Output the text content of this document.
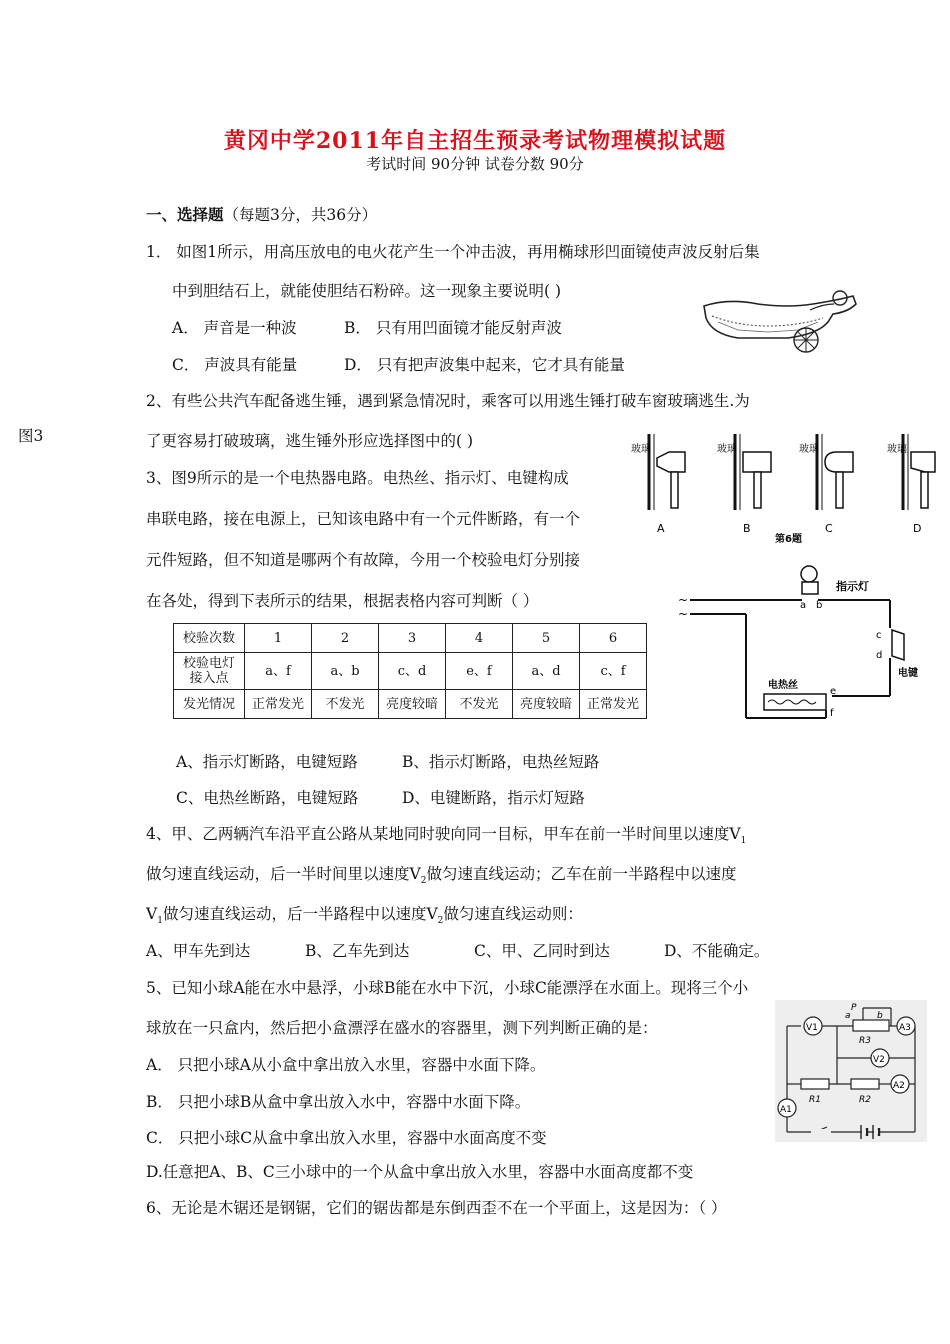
黄冈中学2011年自主招生预录考试物理模拟试题
考试时间 90分钟 试卷分数 90分
一、选择题（每题3分，共36分）
图3
1． 如图1所示，用高压放电的电火花产生一个冲击波，再用椭球形凹面镜使声波反射后集
中到胆结石上，就能使胆结石粉碎。这一现象主要说明( )
A． 声音是一种波	B． 只有用凹面镜才能反射声波
C． 声波具有能量	D． 只有把声波集中起来，它才具有能量
2、有些公共汽车配备逃生锤，遇到紧急情况时，乘客可以用逃生锤打破车窗玻璃逃生.为
了更容易打破玻璃，逃生锤外形应选择图中的( )	玻璃
A
玻璃
B
玻璃
C
玻璃
D
第6题
3、图9所示的是一个电热器电路。电热丝、指示灯、电键构成
串联电路，接在电源上，已知该电路中有一个元件断路，有一个
元件短路，但不知道是哪两个有故障，今用一个校验电灯分别接
在各处，得到下表所示的结果，根据表格内容可判断（ ）	~
~
指示灯
a b
c
d
电键
电热丝
e
f
校验次数	1	2	3	4	5	6
校验电灯
接入点	a、f	a、b	c、d	e、f	a、d	c、f
发光情况	正常发光	不发光	亮度较暗	不发光	亮度较暗	正常发光
A、指示灯断路，电键短路	B、指示灯断路，电热丝短路
C、电热丝断路，电键短路	D、电键断路，指示灯短路
4、甲、乙两辆汽车沿平直公路从某地同时驶向同一目标，甲车在前一半时间里以速度$V_1$
做匀速直线运动，后一半时间里以速度$V_2$做匀速直线运动；乙车在前一半路程中以速度
$V_1$做匀速直线运动，后一半路程中以速度$V_2$做匀速直线运动则：
A、甲车先到达	B、乙车先到达	C、甲、乙同时到达	D、不能确定。
5、已知小球A能在水中悬浮，小球B能在水中下沉，小球C能漂浮在水面上。现将三个小
球放在一只盒内，然后把小盒漂浮在盛水的容器里，测下列判断正确的是：
A． 只把小球A从小盒中拿出放入水里，容器中水面下降。
B． 只把小球B从盒中拿出放入水中，容器中水面下降。
C． 只把小球C从盒中拿出放入水里，容器中水面高度不变
D.任意把A、B、C三小球中的一个从盒中拿出放入水里，容器中水面高度都不变
V1
a	b
P
R3
A3
V2
R1	R2
A2
A1
6、无论是木锯还是钢锯，它们的锯齿都是东倒西歪不在一个平面上，这是因为：（ ）
